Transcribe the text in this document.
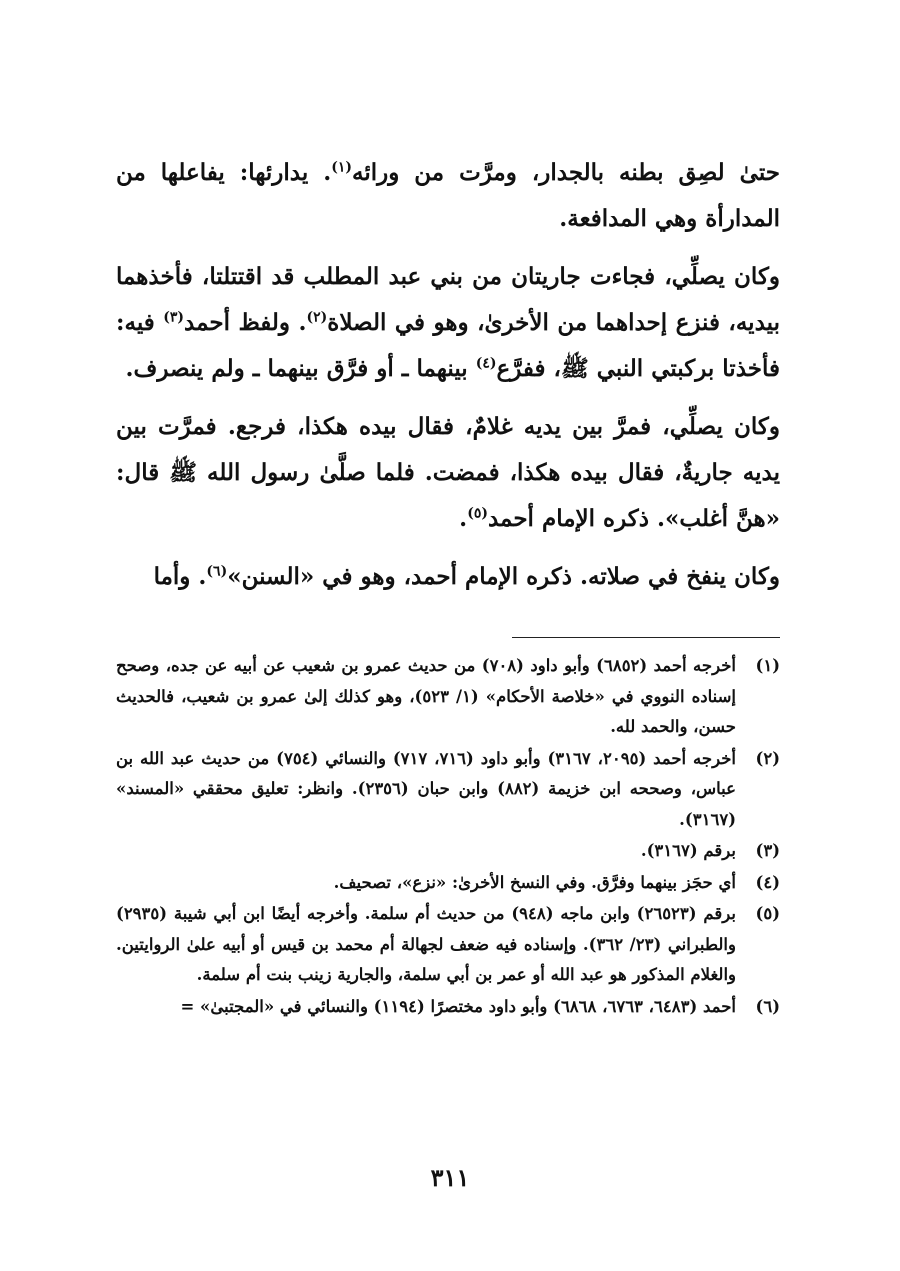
حتىٰ لصِق بطنه بالجدار، ومرَّت من ورائه$^{(١)}$. يدارئها: يفاعلها من المدارأة وهي المدافعة.

وكان يصلِّي، فجاءت جاريتان من بني عبد المطلب قد اقتتلتا، فأخذهما بيديه، فنزع إحداهما من الأخرىٰ، وهو في الصلاة$^{(٢)}$. ولفظ أحمد$^{(٣)}$ فيه: فأخذتا بركبتي النبي ﷺ، ففرَّع$^{(٤)}$ بينهما ـ أو فرَّق بينهما ـ ولم ينصرف.

وكان يصلِّي، فمرَّ بين يديه غلامٌ، فقال بيده هكذا، فرجع. فمرَّت بين يديه جاريةٌ، فقال بيده هكذا، فمضت. فلما صلَّىٰ رسول الله ﷺ قال: «هنَّ أغلب». ذكره الإمام أحمد$^{(٥)}$.

وكان ينفخ في صلاته. ذكره الإمام أحمد، وهو في «السنن»$^{(٦)}$. وأما

(١)
أخرجه أحمد (٦٨٥٢) وأبو داود (٧٠٨) من حديث عمرو بن شعيب عن أبيه عن جده، وصحح إسناده النووي في «خلاصة الأحكام» (١/ ٥٢٣)، وهو كذلك إلىٰ عمرو بن شعيب، فالحديث حسن، والحمد لله.
(٢)
أخرجه أحمد (٢٠٩٥، ٣١٦٧) وأبو داود (٧١٦، ٧١٧) والنسائي (٧٥٤) من حديث عبد الله بن عباس، وصححه ابن خزيمة (٨٨٢) وابن حبان (٢٣٥٦). وانظر: تعليق محققي «المسند» (٣١٦٧).
(٣)
برقم (٣١٦٧).
(٤)
أي حجَز بينهما وفرَّق. وفي النسخ الأخرىٰ: «نزع»، تصحيف.
(٥)
برقم (٢٦٥٢٣) وابن ماجه (٩٤٨) من حديث أم سلمة. وأخرجه أيضًا ابن أبي شيبة (٢٩٣٥) والطبراني (٢٣/ ٣٦٢). وإسناده فيه ضعف لجهالة أم محمد بن قيس أو أبيه علىٰ الروايتين. والغلام المذكور هو عبد الله أو عمر بن أبي سلمة، والجارية زينب بنت أم سلمة.
(٦)
أحمد (٦٤٨٣، ٦٧٦٣، ٦٨٦٨) وأبو داود مختصرًا (١١٩٤) والنسائي في «المجتبىٰ» =
٣١١
